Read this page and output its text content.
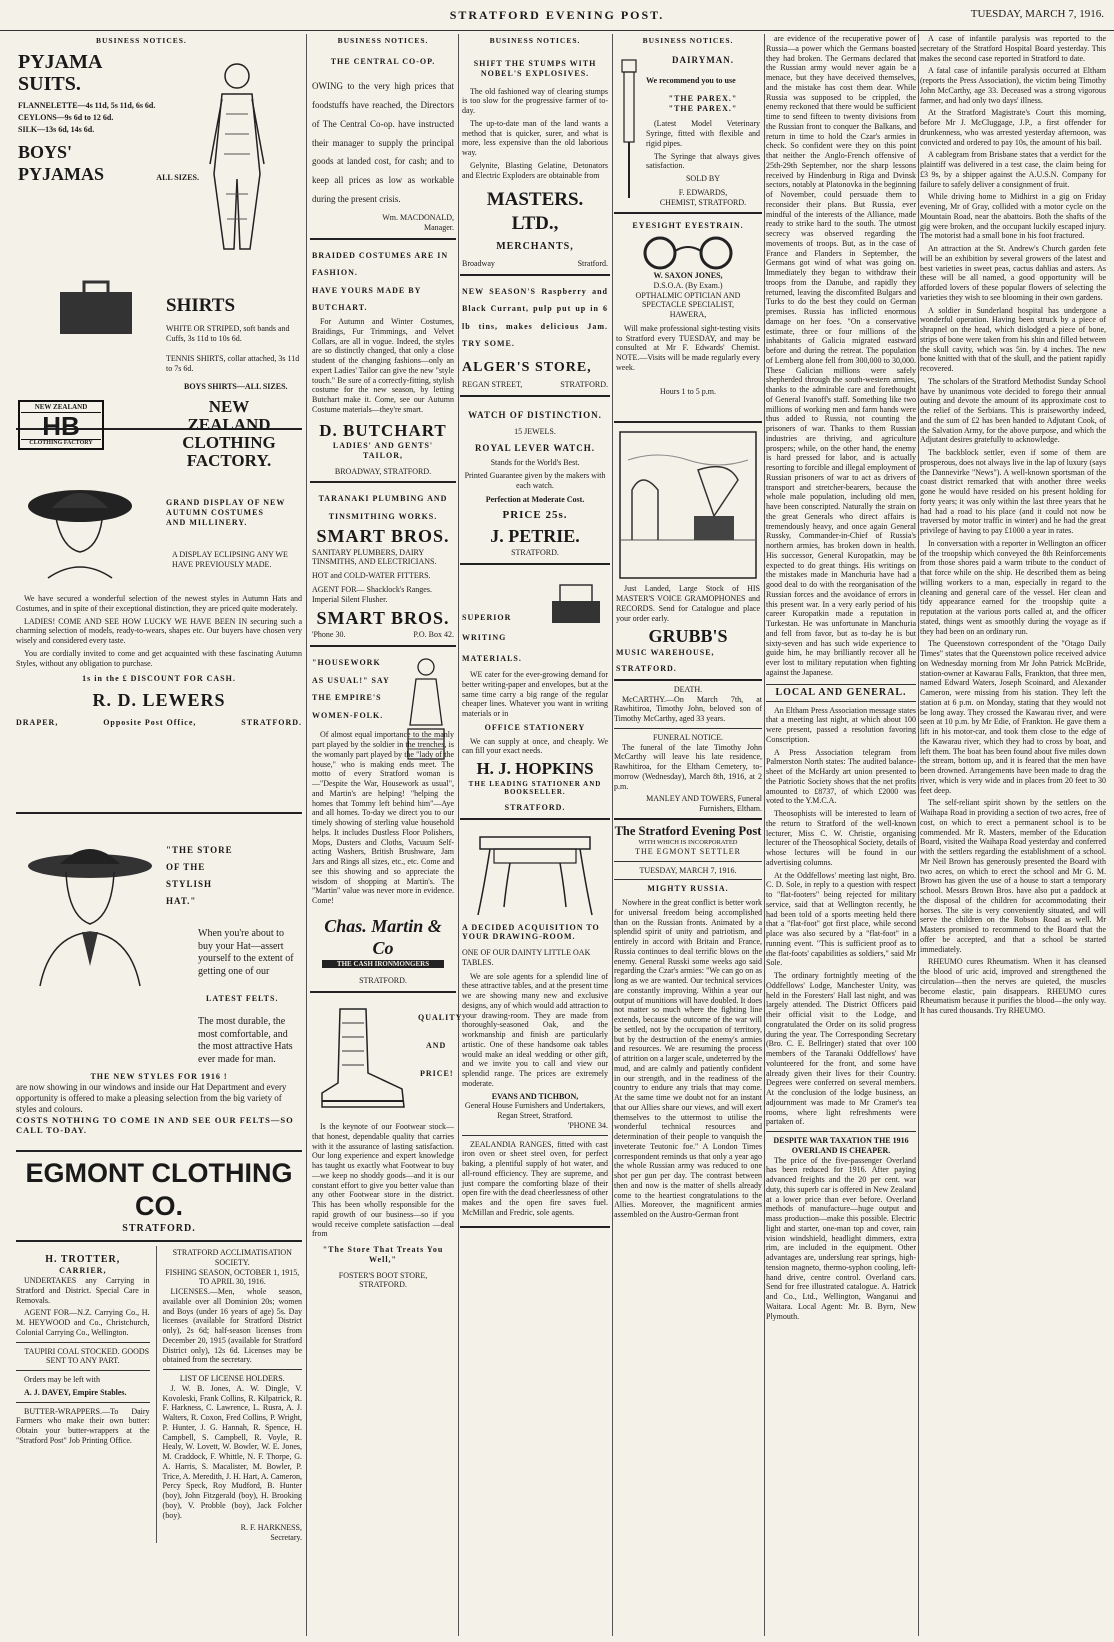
STRATFORD EVENING POST.	TUESDAY, MARCH 7, 1916.
BUSINESS NOTICES.
PYJAMA
SUITS.
FLANNELETTE—4s 11d, 5s 11d, 6s 6d.
CEYLONS—9s 6d to 12 6d.
SILK—13s 6d, 14s 6d.
BOYS'
PYJAMAS	ALL SIZES.
SHIRTS
WHITE OR STRIPED, soft bands and Cuffs, 3s 11d to 10s 6d.
TENNIS SHIRTS, collar attached, 3s 11d to 7s 6d.
BOYS SHIRTS—ALL SIZES.
NEW ZEALAND
HB
CLOTHING FACTORY
NEW
ZEALAND
CLOTHING
FACTORY.
GRAND DISPLAY OF NEW AUTUMN COSTUMES AND MILLINERY.
A DISPLAY ECLIPSING ANY WE HAVE PREVIOUSLY MADE.

We have secured a wonderful selection of the newest styles in Autumn Hats and Costumes, and in spite of their exceptional distinction, they are priced quite moderately.

LADIES! COME AND SEE HOW LUCKY WE HAVE BEEN IN securing such a charming selection of models, ready-to-wears, shapes etc. Our buyers have chosen very wisely and considered every taste.

You are cordially invited to come and get acquainted with these fascinating Autumn Styles, without any obligation to purchase.

1s in the £ DISCOUNT FOR CASH.
R. D. LEWERS
DRAPER,	Opposite Post Office,	STRATFORD.
"THE STORE OF THE STYLISH HAT."
When you're about to buy your Hat—assert yourself to the extent of getting one of our
LATEST FELTS.
The most durable, the most comfortable, and the most attractive Hats ever made for man.
THE NEW STYLES FOR 1916 !
are now showing in our windows and inside our Hat Department and every opportunity is offered to make a pleasing selection from the big variety of styles and colours.
COSTS NOTHING TO COME IN AND SEE OUR FELTS—SO CALL TO-DAY.
EGMONT CLOTHING CO.
STRATFORD.
H. TROTTER,
CARRIER,

UNDERTAKES any Carrying in Stratford and District. Special Care in Removals.

AGENT FOR—N.Z. Carrying Co., H. M. HEYWOOD and Co., Christchurch, Colonial Carrying Co., Wellington.

TAUPIRI COAL STOCKED. GOODS SENT TO ANY PART.

Orders may be left with

A. J. DAVEY, Empire Stables.

BUTTER-WRAPPERS.—To Dairy Farmers who make their own butter: Obtain your butter-wrappers at the "Stratford Post" Job Printing Office.

STRATFORD ACCLIMATISATION SOCIETY.
FISHING SEASON, OCTOBER 1, 1915, TO APRIL 30, 1916.

LICENSES.—Men, whole season, available over all Dominion 20s; women and Boys (under 16 years of age) 5s. Day licenses (available for Stratford District only), 2s 6d; half-season licenses from December 20, 1915 (available for Stratford District only), 12s 6d. Licenses may be obtained from the secretary.

LIST OF LICENSE HOLDERS.

J. W. B. Jones, A. W. Dingle, V. Kovoleski, Frank Collins, R. Kilpatrick, R. F. Harkness, C. Lawrence, L. Rusra, A. J. Walters, R. Coxon, Fred Collins, P. Wright, P. Hunter, J. G. Hannah, R. Spence, H. Campbell, S. Campbell, R. Voyle, R. Healy, W. Lovett, W. Bowler, W. E. Jones, M. Craddock, F. Whittle, N. F. Thorpe, G. A. Harris, S. Macalister, M. Bowler, P. Trice, A. Meredith, J. H. Hart, A. Cameron, Percy Speck, Roy Mudford, B. Hunter (boy), John Fitzgerald (boy), H. Brooking (boy), V. Probble (boy), Jack Folcher (boy).

R. F. HARKNESS,
Secretary.
BUSINESS NOTICES.
THE CENTRAL CO-OP.
OWING to the very high prices that foodstuffs have reached, the Directors of The Central Co-op. have instructed their manager to supply the principal goods at landed cost, for cash; and to keep all prices as low as workable during the present crisis.
Wm. MACDONALD,
Manager.
BRAIDED COSTUMES ARE IN FASHION.
HAVE YOURS MADE BY BUTCHART.

For Autumn and Winter Costumes, Braidings, Fur Trimmings, and Velvet Collars, are all in vogue. Indeed, the styles are so distinctly changed, that only a close student of the changing fashions—only an expert Ladies' Tailor can give the new "style touch." Be sure of a correctly-fitting, stylish costume for the new season, by letting Butchart make it. Come, see our Autumn Costume materials—they're smart.

D. BUTCHART
LADIES' AND GENTS' TAILOR,
BROADWAY, STRATFORD.
TARANAKI PLUMBING AND TINSMITHING WORKS.
SMART BROS.
SANITARY PLUMBERS, DAIRY TINSMITHS, AND ELECTRICIANS.
HOT and COLD-WATER FITTERS.
AGENT FOR— Shacklock's Ranges. Imperial Silent Flusher.
SMART BROS.
'Phone 30.	P.O. Box 42.
"HOUSEWORK AS USUAL!" SAY THE EMPIRE'S WOMEN-FOLK.

Of almost equal importance to the manly part played by the soldier in the trenches, is the womanly part played by the "lady of the house," who is making ends meet. The motto of every Stratford woman is—"Despite the War, Housework as usual", and Martin's are helping! "helping the homes that Tommy left behind him"—Aye and all homes. To-day we direct you to our timely showing of sterling value household helps. It includes Dustless Floor Polishers, Mops, Dusters and Cloths, Vacuum Self-acting Washers, British Brushware, Jam Jars and Rings all sizes, etc., etc. Come and see this showing and so appreciate the wisdom of shopping at Martin's. The "Martin" value was never more in evidence. Come!

Chas. Martin & Co
THE CASH IRONMONGERS
STRATFORD.
QUALITY
AND
PRICE!

Is the keynote of our Footwear stock—that honest, dependable quality that carries with it the assurance of lasting satisfaction. Our long experience and expert knowledge has taught us exactly what Footwear to buy—we keep no shoddy goods—and it is our constant effort to give you better value than any other Footwear store in the district. This has been wholly responsible for the rapid growth of our business—so if you would receive complete satisfaction —deal from

"The Store That Treats You Well,"
FOSTER'S BOOT STORE,
STRATFORD.
BUSINESS NOTICES.
SHIFT THE STUMPS WITH NOBEL'S EXPLOSIVES.

The old fashioned way of clearing stumps is too slow for the progressive farmer of to-day.

The up-to-date man of the land wants a method that is quicker, surer, and what is more, less expensive than the old laborious way.

Gelynite, Blasting Gelatine, Detonators and Electric Exploders are obtainable from

MASTERS. LTD.,
MERCHANTS,
Broadway	Stratford.
NEW SEASON'S Raspberry and Black Currant, pulp put up in 6 lb tins, makes delicious Jam. TRY SOME.
ALGER'S STORE,
REGAN STREET,	STRATFORD.
WATCH OF DISTINCTION.
15 JEWELS.
ROYAL LEVER WATCH.
Stands for the World's Best.
Printed Guarantee given by the makers with each watch.
Perfection at Moderate Cost.
PRICE 25s.
J. PETRIE.
STRATFORD.
SUPERIOR
WRITING
MATERIALS.

WE cater for the ever-growing demand for better writing-paper and envelopes, but at the same time carry a big range of the regular cheaper lines. Whatever you want in writing materials or in

OFFICE STATIONERY

We can supply at once, and cheaply. We can fill your exact needs.

H. J. HOPKINS
THE LEADING STATIONER AND BOOKSELLER.
STRATFORD.
A DECIDED ACQUISITION TO YOUR DRAWING-ROOM.
ONE OF OUR DAINTY LITTLE OAK TABLES.

We are sole agents for a splendid line of these attractive tables, and at the present time we are showing many new and exclusive designs, any of which would add attraction to your drawing-room. They are made from thoroughly-seasoned Oak, and the workmanship and finish are particularly artistic. One of these handsome oak tables would make an ideal wedding or other gift, and we invite you to call and view our splendid range. The prices are extremely moderate.

EVANS AND TICHBON,
General House Furnishers and Undertakers, Regan Street, Stratford.
'PHONE 34.

ZEALANDIA RANGES, fitted with cast iron oven or sheet steel oven, for perfect baking, a plentiful supply of hot water, and all-round efficiency. They are supreme, and just compare the comforting blaze of their open fire with the dead cheerlessness of other makes and the open fire saves fuel. McMillan and Fredric, sole agents.

BUSINESS NOTICES.
DAIRYMAN.
We recommend you to use
"THE PAREX."
"THE PAREX."

(Latest Model Veterinary Syringe, fitted with flexible and rigid pipes.

The Syringe that always gives satisfaction.

SOLD BY
F. EDWARDS,
CHEMIST, STRATFORD.
EYESIGHT EYESTRAIN.
W. SAXON JONES,
D.S.O.A. (By Exam.)
OPTHALMIC OPTICIAN AND SPECTACLE SPECIALIST,
HAWERA,

Will make professional sight-testing visits to Stratford every TUESDAY, and may be consulted at Mr F. Edwards' Chemist. NOTE.—Visits will be made regularly every week.

Hours 1 to 5 p.m.

Just Landed, Large Stock of HIS MASTER'S VOICE GRAMOPHONES and RECORDS. Send for Catalogue and place your order early.

GRUBB'S
MUSIC WAREHOUSE,
STRATFORD.
DEATH.

McCARTHY.—On March 7th, at Rawhitiroa, Timothy John, beloved son of Timothy McCarthy, aged 33 years.

FUNERAL NOTICE.

The funeral of the late Timothy John McCarthy will leave his late residence, Rawhitiroa, for the Eltham Cemetery, to-morrow (Wednesday), March 8th, 1916, at 2 p.m.

MANLEY AND TOWERS, Funeral Furnishers, Eltham.
The Stratford Evening Post
WITH WHICH IS INCORPORATED
THE EGMONT SETTLER
TUESDAY, MARCH 7, 1916.
MIGHTY RUSSIA.

Nowhere in the great conflict is better work for universal freedom being accomplished than on the Russian fronts. Animated by a splendid spirit of unity and patriotism, and entirely in accord with Britain and France, Russia continues to deal terrific blows on the enemy. General Russki some weeks ago said regarding the Czar's armies: "We can go on as long as we are wanted. Our technical services are constantly improving. Within a year our output of munitions will have doubled. It does not matter so much where the fighting line extends, because the outcome of the war will be settled, not by the occupation of territory, but by the destruction of the enemy's armies and resources. We are resuming the process of attrition on a larger scale, undeterred by the mud, and are calmly and patiently confident in our strength, and in the readiness of the country to endure any trials that may come. At the same time we doubt not for an instant that our Allies share our views, and will exert themselves to the uttermost to utilise the wonderful technical resources and determination of their people to vanquish the inveterate Teutonic foe." A London Times correspondent reminds us that only a year ago the whole Russian army was reduced to one shot per gun per day. The contrast between then and now is the matter of shells already come to the heartiest congratulations to the Allies. Moreover, the magnificent armies assembled on the Austro-German front

are evidence of the recuperative power of Russia—a power which the Germans boasted they had broken. The Germans declared that the Russian army would never again be a menace, but they have deceived themselves, and the mistake has cost them dear. While Russia was supposed to be crippled, the enemy reckoned that there would be sufficient time to send fifteen to twenty divisions from the Russian front to conquer the Balkans, and return in time to hold the Czar's armies in check. So confident were they on this point that neither the Anglo-French offensive of 25th-29th September, nor the sharp lessons received by Hindenburg in Riga and Dvinsk sectors, notably at Platonovka in the beginning of November, could persuade them to reconsider their plans. But Russia, ever mindful of the interests of the Alliance, made ready to strike hard to the south. The utmost secrecy was observed regarding the movements of troops. But, as in the case of France and Flanders in September, the Germans got wind of what was going on. Immediately they began to withdraw their troops from the Danube, and rapidly they returned, leaving the discomfited Bulgars and Turks to do the best they could on German premises. Russia has inflicted enormous damage on her foes. "On a conservative estimate, three or four millions of the inhabitants of Galicia migrated eastward before and during the retreat. The population of Lemberg alone fell from 300,000 to 30,000. These Galician millions were safely shepherded through the south-western armies, thanks to the admirable care and forethought of General Ivanoff's staff. Something like two millions of working men and farm hands were thus added to Russia, not counting the prisoners of war. Thanks to them Russian industries are thriving, and agriculture prospers; while, on the other hand, the enemy is hard pressed for labor, and is actually resorting to forcible and illegal employment of Russian prisoners of war to act as drivers of transport and stretcher-bearers, because the whole male population, including old men, have been conscripted. Naturally the strain on the great Generals who direct affairs is tremendously heavy, and once again General Russky, Commander-in-Chief of Russia's northern armies, has broken down in health. His successor, General Kuropatkin, may be expected to do great things. His writings on the mistakes made in Manchuria have had a good deal to do with the reorganisation of the Russian forces and the avoidance of errors in this present war. In a very early period of his career Kuropatkin made a reputation in Turkestan. He was unfortunate in Manchuria and fell from favor, but as to-day he is but sixty-seven and has such wide experience to guide him, he may brilliantly recover all he ever lost to military reputation when fighting against the Japanese.

LOCAL AND GENERAL.

An Eltham Press Association message states that a meeting last night, at which about 100 were present, passed a resolution favoring Conscription.

A Press Association telegram from Palmerston North states: The audited balance-sheet of the McHardy art union presented to the Patriotic Society shows that the net profits amounted to £8737, of which £2000 was voted to the Y.M.C.A.

Theosophists will be interested to learn of the return to Stratford of the well-known lecturer, Miss C. W. Christie, organising lecturer of the Theosophical Society, details of whose lectures will be found in our advertising columns.

At the Oddfellows' meeting last night, Bro. C. D. Sole, in reply to a question with respect to "flat-footers" being rejected for military service, said that at Wellington recently, he had been told of a sports meeting held there that a "flat-foot" got first place, while second place was also secured by a "flat-foot" in a running event. "This is sufficient proof as to the flat-foots' capabilities as soldiers," said Mr Sole.

The ordinary fortnightly meeting of the Oddfellows' Lodge, Manchester Unity, was held in the Foresters' Hall last night, and was largely attended. The District Officers paid their official visit to the Lodge, and congratulated the Order on its solid progress during the year. The Corresponding Secretary (Bro. C. E. Bellringer) stated that over 100 members of the Taranaki Oddfellows' have volunteered for the front, and some have already given their lives for their Country. Degrees were conferred on several members. At the conclusion of the lodge business, an adjournment was made to Mr Cramer's tea rooms, where light refreshments were partaken of.

DESPITE WAR TAXATION THE 1916 OVERLAND IS CHEAPER.

The price of the five-passenger Overland has been reduced for 1916. After paying advanced freights and the 20 per cent. war duty, this superb car is offered in New Zealand at a lower price than ever before. Overland methods of manufacture—huge output and mass production—make this possible. Electric light and starter, one-man top and cover, rain vision windshield, headlight dimmers, extra rim, are included in the equipment. Other advantages are, underslung rear springs, high-tension magneto, thermo-syphon cooling, left-hand drive, centre control. Overland cars. Send for free illustrated catalogue. A. Hatrick and Co., Ltd., Wellington, Wanganui and Waitara. Local Agent: Mr. B. Byrn, New Plymouth.

A case of infantile paralysis was reported to the secretary of the Stratford Hospital Board yesterday. This makes the second case reported in Stratford to date.

A fatal case of infantile paralysis occurred at Eltham (reports the Press Association), the victim being Timothy John McCarthy, age 33. Deceased was a strong vigorous farmer, and had only two days' illness.

At the Stratford Magistrate's Court this morning, before Mr J. McCluggage, J.P., a first offender for drunkenness, who was arrested yesterday afternoon, was convicted and ordered to pay 10s, the amount of his bail.

A cablegram from Brisbane states that a verdict for the plaintiff was delivered in a test case, the claim being for £3 9s, by a shipper against the A.U.S.N. Company for failure to safely deliver a consignment of fruit.

While driving home to Midhirst in a gig on Friday evening, Mr of Gray, collided with a motor cycle on the Mountain Road, near the abattoirs. Both the shafts of the gig were broken, and the occupant luckily escaped injury. The motorist had a small bone in his foot fractured.

An attraction at the St. Andrew's Church garden fete will be an exhibition by several growers of the latest and best varieties in sweet peas, cactus dahlias and asters. As these will be all named, a good opportunity will be afforded lovers of these popular flowers of selecting the varieties they wish to see blooming in their own gardens.

A soldier in Sunderland hospital has undergone a wonderful operation. Having been struck by a piece of shrapnel on the head, which dislodged a piece of bone, strips of bone were taken from his shin and filled between the skull cavity, which was 5in. by 4 inches. The new bone knitted with that of the skull, and the patient rapidly recovered.

The scholars of the Stratford Methodist Sunday School have by unanimous vote decided to forego their annual outing and devote the amount of its approximate cost to the relief of the Serbians. This is praiseworthy indeed, and the sum of £2 has been handed to Adjutant Cook, of the Salvation Army, for the above purpose, and which the Adjutant desires gratefully to acknowledge.

The backblock settler, even if some of them are prosperous, does not always live in the lap of luxury (says the Dannevirke "News"). A well-known sportsman of the coast district remarked that with another three weeks gone he would have resided on his present holding for forty years; it was only within the last three years that he had had a road to his place (and it could not now be traversed by motor traffic in winter) and he had the great privilege of having to pay £1000 a year in rates.

In conversation with a reporter in Wellington an officer of the troopship which conveyed the 8th Reinforcements from those shores paid a warm tribute to the conduct of that force while on the ship. He described them as being willing workers to a man, especially in regard to the cleaning and general care of the vessel. Her clean and tidy appearance earned for the troopship quite a reputation at the various ports called at, and the officer stated, things went as smoothly during the voyage as if they had been on an ordinary run.

The Queenstown correspondent of the "Otago Daily Times" states that the Queenstown police received advice on Wednesday morning from Mr John Patrick McBride, station-owner at Kawarau Falls, Frankton, that three men, named Edward Waters, Joseph Scoinard, and Alexander Cameron, were missing from his station. They left the station at 6 p.m. on Monday, stating that they would not be long away. They crossed the Kawarau river, and were seen at 10 p.m. by Mr Edie, of Frankton. He gave them a lift in his motor-car, and took them close to the edge of the Kawarau river, which they had to cross by boat, and left them. The boat has been found about five miles down the stream, bottom up, and it is feared that the men have been drowned. Arrangements have been made to drag the river, which is very wide and in places from 20 feet to 30 feet deep.

The self-reliant spirit shown by the settlers on the Waihapa Road in providing a section of two acres, free of cost, on which to erect a permanent school is to be commended. Mr R. Masters, member of the Education Board, visited the Waihapa Road yesterday and conferred with the settlers regarding the establishment of a school. Mr Neil Brown has generously presented the Board with two acres, on which to erect the school and Mr G. M. Brown has given the use of a house to start a temporary school. Messrs Brown Bros. have also put a paddock at the disposal of the children for accommodating their horses. The site is very conveniently situated, and will serve the children on the Robson Road as well. Mr Masters promised to recommend to the Board that the offer be accepted, and that a school be started immediately.

RHEUMO cures Rheumatism. When it has cleansed the blood of uric acid, improved and strengthened the circulation—then the nerves are quieted, the muscles become elastic, pain disappears. RHEUMO cures Rheumatism because it purifies the blood—the only way. It has cured thousands. Try RHEUMO.
